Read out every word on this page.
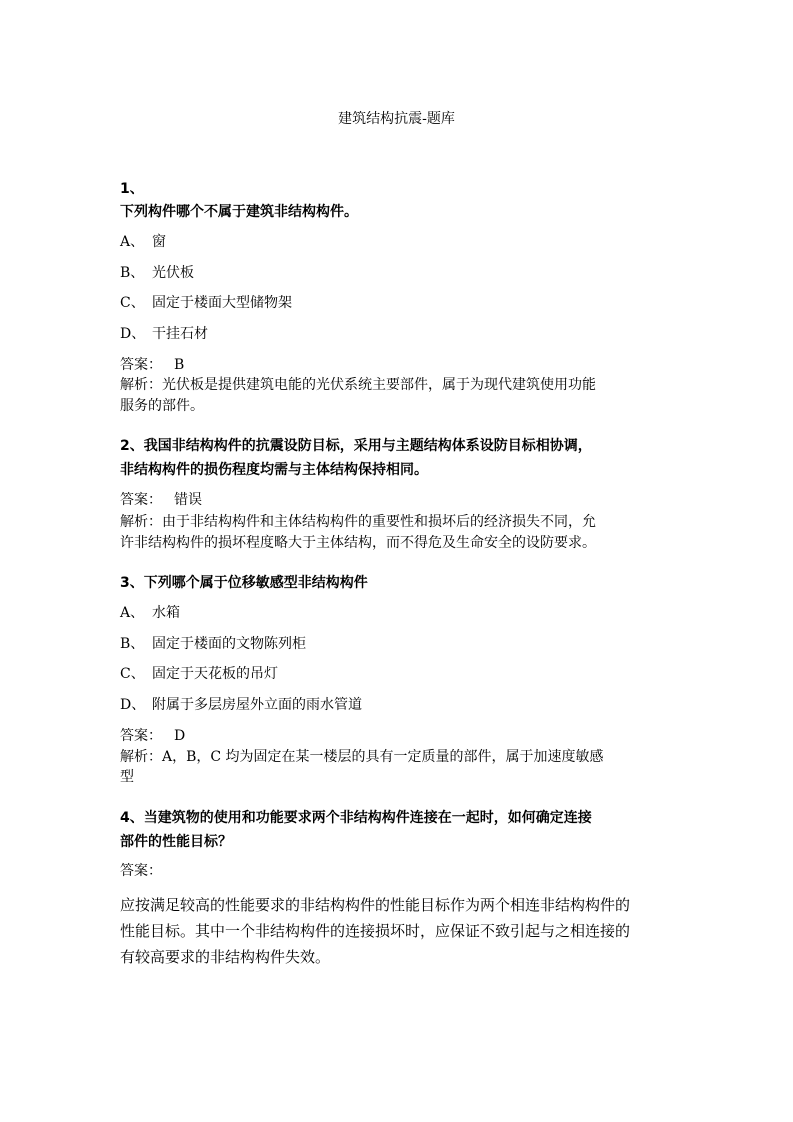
建筑结构抗震-题库
1、
下列构件哪个不属于建筑非结构构件。
A、 窗
B、 光伏板
C、 固定于楼面大型储物架
D、 干挂石材
答案： B
解析：光伏板是提供建筑电能的光伏系统主要部件，属于为现代建筑使用功能
服务的部件。
2、我国非结构构件的抗震设防目标，采用与主题结构体系设防目标相协调，
非结构构件的损伤程度均需与主体结构保持相同。
答案： 错误
解析：由于非结构构件和主体结构构件的重要性和损坏后的经济损失不同，允
许非结构构件的损坏程度略大于主体结构，而不得危及生命安全的设防要求。
3、下列哪个属于位移敏感型非结构构件
A、 水箱
B、 固定于楼面的文物陈列柜
C、 固定于天花板的吊灯
D、 附属于多层房屋外立面的雨水管道
答案： D
解析：A，B，C 均为固定在某一楼层的具有一定质量的部件，属于加速度敏感
型
4、当建筑物的使用和功能要求两个非结构构件连接在一起时，如何确定连接
部件的性能目标？
答案：
应按满足较高的性能要求的非结构构件的性能目标作为两个相连非结构构件的
性能目标。其中一个非结构构件的连接损坏时，应保证不致引起与之相连接的
有较高要求的非结构构件失效。
